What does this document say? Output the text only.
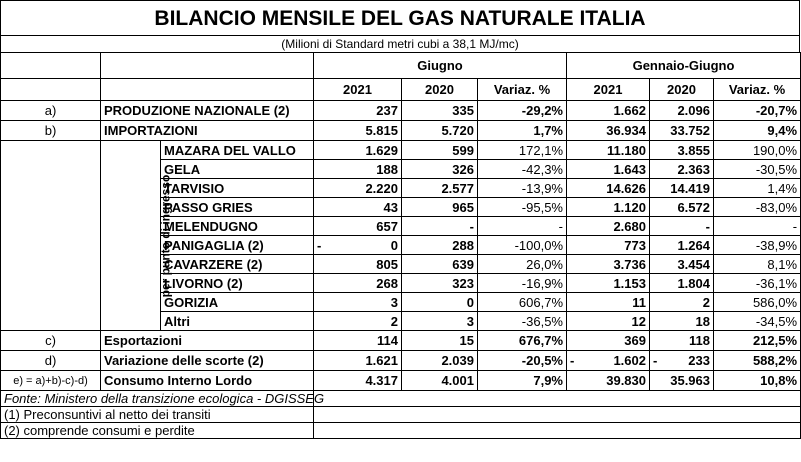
BILANCIO MENSILE DEL GAS NATURALE ITALIA
(Milioni di Standard metri cubi a 38,1 MJ/mc)
			Giugno			Gennaio-Giugno		
			2021	2020	Variaz. %	2021	2020	Variaz. %
a)	PRODUZIONE NAZIONALE (2)		237	335	-29,2%	1.662	2.096	-20,7%
b)	IMPORTAZIONI		5.815	5.720	1,7%	36.934	33.752	9,4%
	per punto di ingresso	MAZARA DEL VALLO	1.629	599	172,1%	11.180	3.855	190,0%
		GELA	188	326	-42,3%	1.643	2.363	-30,5%
		TARVISIO	2.220	2.577	-13,9%	14.626	14.419	1,4%
		PASSO GRIES	43	965	-95,5%	1.120	6.572	-83,0%
		MELENDUGNO	657	-	-	2.680	-	-
		PANIGAGLIA (2)	- 0	288	-100,0%	773	1.264	-38,9%
		CAVARZERE (2)	805	639	26,0%	3.736	3.454	8,1%
		LIVORNO (2)	268	323	-16,9%	1.153	1.804	-36,1%
		GORIZIA	3	0	606,7%	11	2	586,0%
		Altri	2	3	-36,5%	12	18	-34,5%
c)	Esportazioni		114	15	676,7%	369	118	212,5%
d)	Variazione delle scorte (2)		1.621	2.039	-20,5%	- 1.602	- 233	588,2%
e) = a)+b)-c)-d)	Consumo Interno Lordo		4.317	4.001	7,9%	39.830	35.963	10,8%
Fonte: Ministero della transizione ecologica - DGISSEG								
(1) Preconsuntivi al netto dei transiti								
(2) comprende consumi e perdite								
